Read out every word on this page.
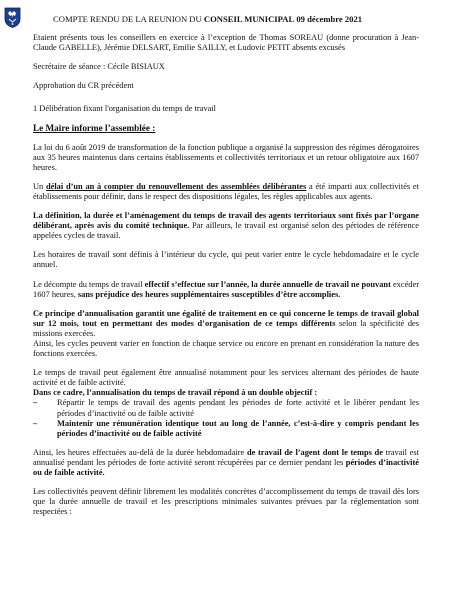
COMPTE RENDU DE LA REUNION DU CONSEIL MUNICIPAL 09 décembre 2021

Etaient présents tous les conseillers en exercice à l’exception de Thomas SOREAU (donne procuration à Jean-Claude GABELLE), Jérémie DELSART, Emilie SAILLY, et Ludovic PETIT absents excusés

Secrétaire de séance : Cécile BISIAUX

Approbation du CR précédent

1 Délibération fixant l'organisation du temps de travail

Le Maire informe l’assemblée :

La loi du 6 août 2019 de transformation de la fonction publique a organisé la suppression des régimes dérogatoires aux 35 heures maintenus dans certains établissements et collectivités territoriaux et un retour obligatoire aux 1607 heures.

Un délai d’un an à compter du renouvellement des assemblées délibérantes a été imparti aux collectivités et établissements pour définir, dans le respect des dispositions légales, les règles applicables aux agents.

La définition, la durée et l’aménagement du temps de travail des agents territoriaux sont fixés par l’organe délibérant, après avis du comité technique. Par ailleurs, le travail est organisé selon des périodes de référence appelées cycles de travail.

Les horaires de travail sont définis à l’intérieur du cycle, qui peut varier entre le cycle hebdomadaire et le cycle annuel.

Le décompte du temps de travail effectif s’effectue sur l’année, la durée annuelle de travail ne pouvant excéder 1607 heures, sans préjudice des heures supplémentaires susceptibles d’être accomplies.

Ce principe d’annualisation garantit une égalité de traitement en ce qui concerne le temps de travail global sur 12 mois, tout en permettant des modes d’organisation de ce temps différents selon la spécificité des missions exercées.

Ainsi, les cycles peuvent varier en fonction de chaque service ou encore en prenant en considération la nature des fonctions exercées.

Le temps de travail peut également être annualisé notamment pour les services alternant des périodes de haute activité et de faible activité.

Dans ce cadre, l’annualisation du temps de travail répond à un double objectif :

– Répartir le temps de travail des agents pendant les périodes de forte activité et le libérer pendant les périodes d’inactivité ou de faible activité
– Maintenir une rémunération identique tout au long de l’année, c’est-à-dire y compris pendant les périodes d’inactivité ou de faible activité

Ainsi, les heures effectuées au-delà de la durée hebdomadaire de travail de l’agent dont le temps de travail est annualisé pendant les périodes de forte activité seront récupérées par ce dernier pendant les périodes d’inactivité ou de faible activité.

Les collectivités peuvent définir librement les modalités concrètes d’accomplissement du temps de travail dès lors que la durée annuelle de travail et les prescriptions minimales suivantes prévues par la réglementation sont respectées :
